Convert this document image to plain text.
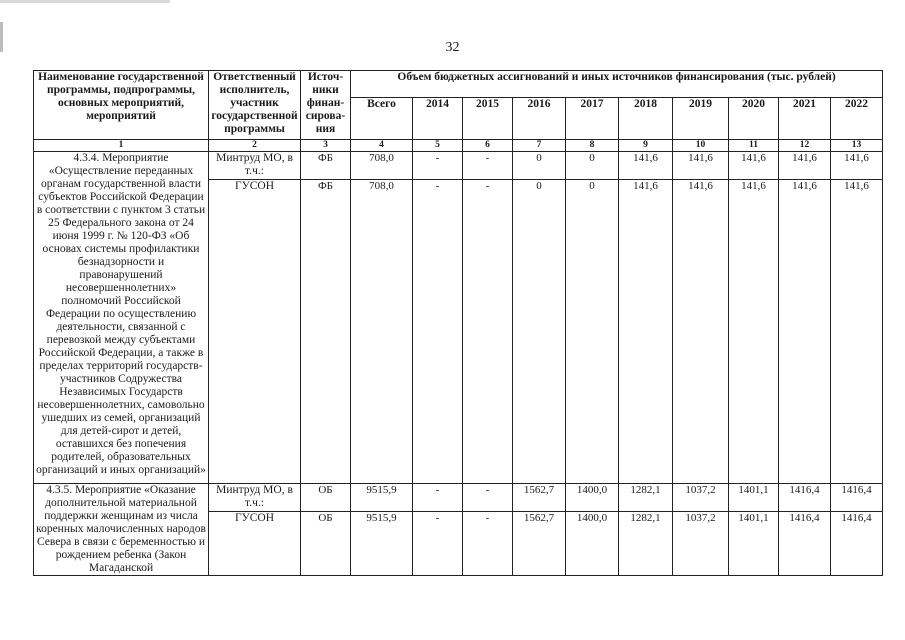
32
Наименование государственной программы, подпрограммы, основных мероприятий, мероприятий	Ответственный исполнитель, участник государственной программы	Источ-ники финан-сирова-ния	Объем бюджетных ассигнований и иных источников финансирования (тыс. рублей)									
			Всего	2014	2015	2016	2017	2018	2019	2020	2021	2022
1	2	3	4	5	6	7	8	9	10	11	12	13
4.3.4. Мероприятие «Осуществление переданных органам государственной власти субъектов Российской Федерации в соответствии с пунктом 3 статьи 25 Федерального закона от 24 июня 1999 г. № 120-ФЗ «Об основах системы профилактики безнадзорности и правонарушений несовершеннолетних» полномочий Российской Федерации по осуществлению деятельности, связанной с перевозкой между субъектами Российской Федерации, а также в пределах территорий государств-участников Содружества Независимых Государств несовершеннолетних, самовольно ушедших из семей, организаций для детей-сирот и детей, оставшихся без попечения родителей, образовательных организаций и иных организаций»	Минтруд МО, в т.ч.:	ФБ	708,0	-	-	0	0	141,6	141,6	141,6	141,6	141,6
	ГУСОН	ФБ	708,0	-	-	0	0	141,6	141,6	141,6	141,6	141,6
4.3.5. Мероприятие «Оказание дополнительной материальной поддержки женщинам из числа коренных малочисленных народов Севера в связи с беременностью и рождением ребенка (Закон Магаданской	Минтруд МО, в т.ч.:	ОБ	9515,9	-	-	1562,7	1400,0	1282,1	1037,2	1401,1	1416,4	1416,4
	ГУСОН	ОБ	9515,9	-	-	1562,7	1400,0	1282,1	1037,2	1401,1	1416,4	1416,4
